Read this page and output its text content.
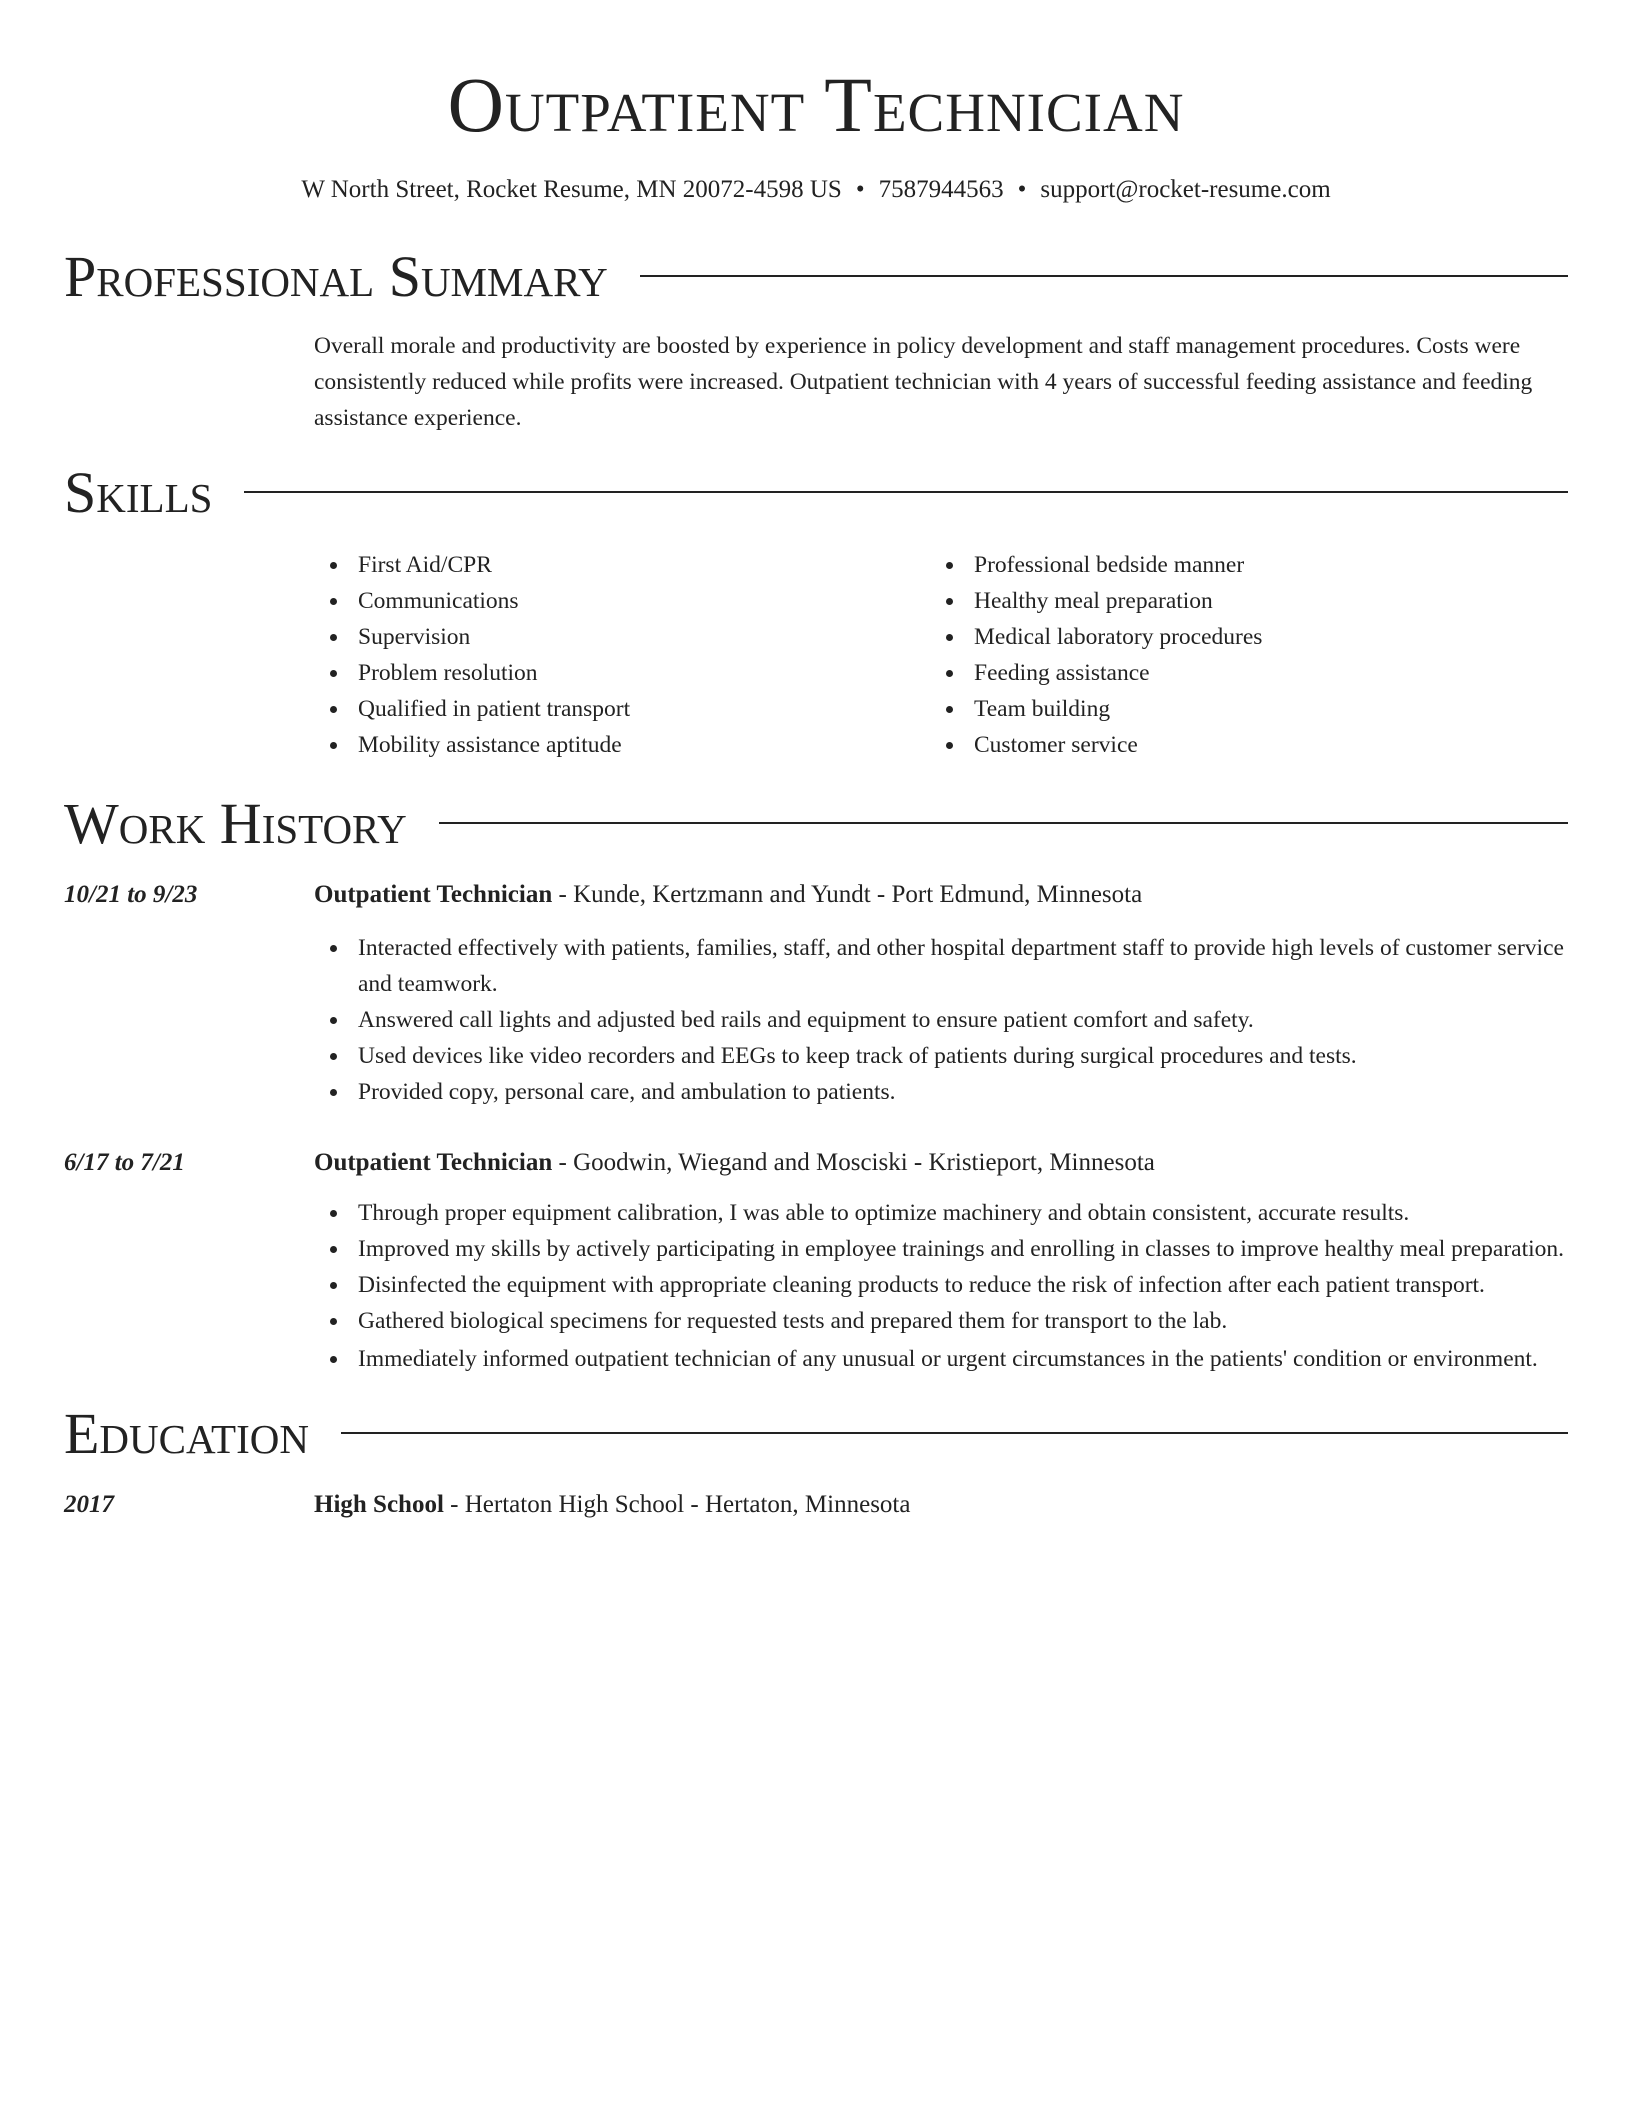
Outpatient Technician
W North Street, Rocket Resume, MN 20072-4598 US • 7587944563 • support@rocket-resume.com
Professional Summary

Overall morale and productivity are boosted by experience in policy development and staff management procedures. Costs were consistently reduced while profits were increased. Outpatient technician with 4 years of successful feeding assistance and feeding assistance experience.

Skills
First Aid/CPR
Communications
Supervision
Problem resolution
Qualified in patient transport
Mobility assistance aptitude
Professional bedside manner
Healthy meal preparation
Medical laboratory procedures
Feeding assistance
Team building
Customer service
Work History
10/21 to 9/23	Outpatient Technician - Kunde, Kertzmann and Yundt - Port Edmund, Minnesota
Interacted effectively with patients, families, staff, and other hospital department staff to provide high levels of customer service and teamwork.
Answered call lights and adjusted bed rails and equipment to ensure patient comfort and safety.
Used devices like video recorders and EEGs to keep track of patients during surgical procedures and tests.
Provided copy, personal care, and ambulation to patients.
6/17 to 7/21	Outpatient Technician - Goodwin, Wiegand and Mosciski - Kristieport, Minnesota
Through proper equipment calibration, I was able to optimize machinery and obtain consistent, accurate results.
Improved my skills by actively participating in employee trainings and enrolling in classes to improve healthy meal preparation.
Disinfected the equipment with appropriate cleaning products to reduce the risk of infection after each patient transport.
Gathered biological specimens for requested tests and prepared them for transport to the lab.
Immediately informed outpatient technician of any unusual or urgent circumstances in the patients' condition or environment.
Education
2017	High School - Hertaton High School - Hertaton, Minnesota
